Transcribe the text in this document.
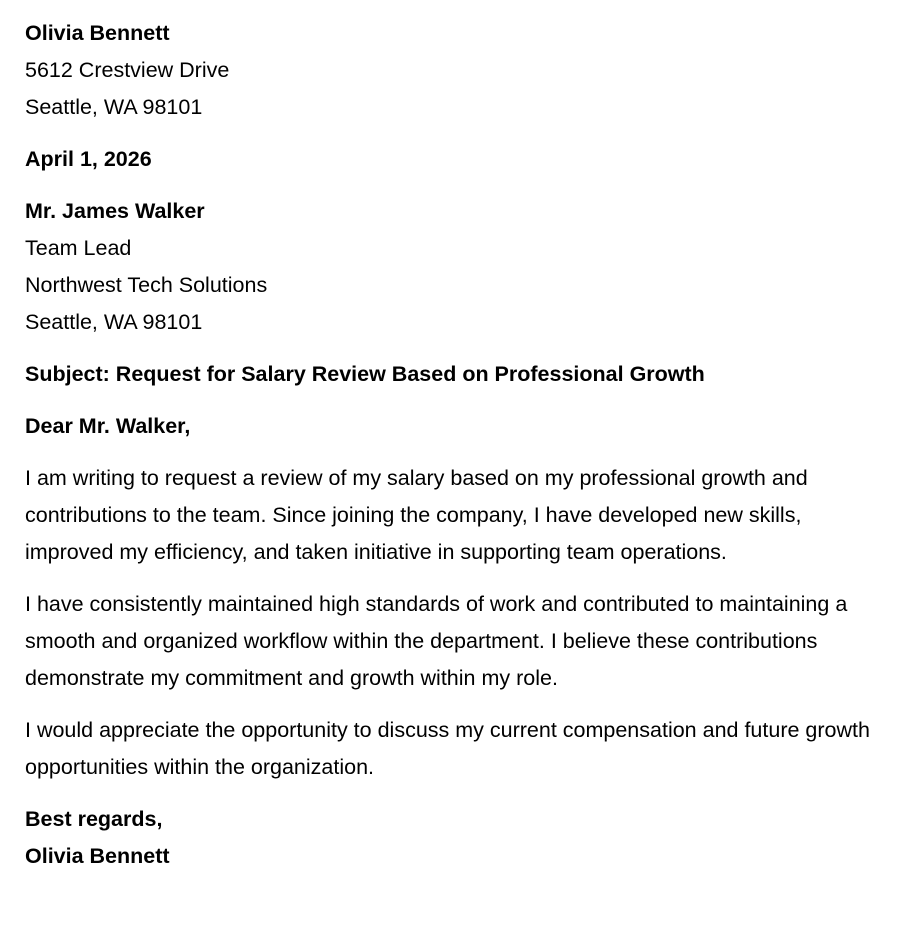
Olivia Bennett
5612 Crestview Drive
Seattle, WA 98101
April 1, 2026
Mr. James Walker
Team Lead
Northwest Tech Solutions
Seattle, WA 98101
Subject: Request for Salary Review Based on Professional Growth
Dear Mr. Walker,

I am writing to request a review of my salary based on my professional growth and contributions to the team. Since joining the company, I have developed new skills, improved my efficiency, and taken initiative in supporting team operations.

I have consistently maintained high standards of work and contributed to maintaining a smooth and organized workflow within the department. I believe these contributions demonstrate my commitment and growth within my role.

I would appreciate the opportunity to discuss my current compensation and future growth opportunities within the organization.

Best regards,
Olivia Bennett
